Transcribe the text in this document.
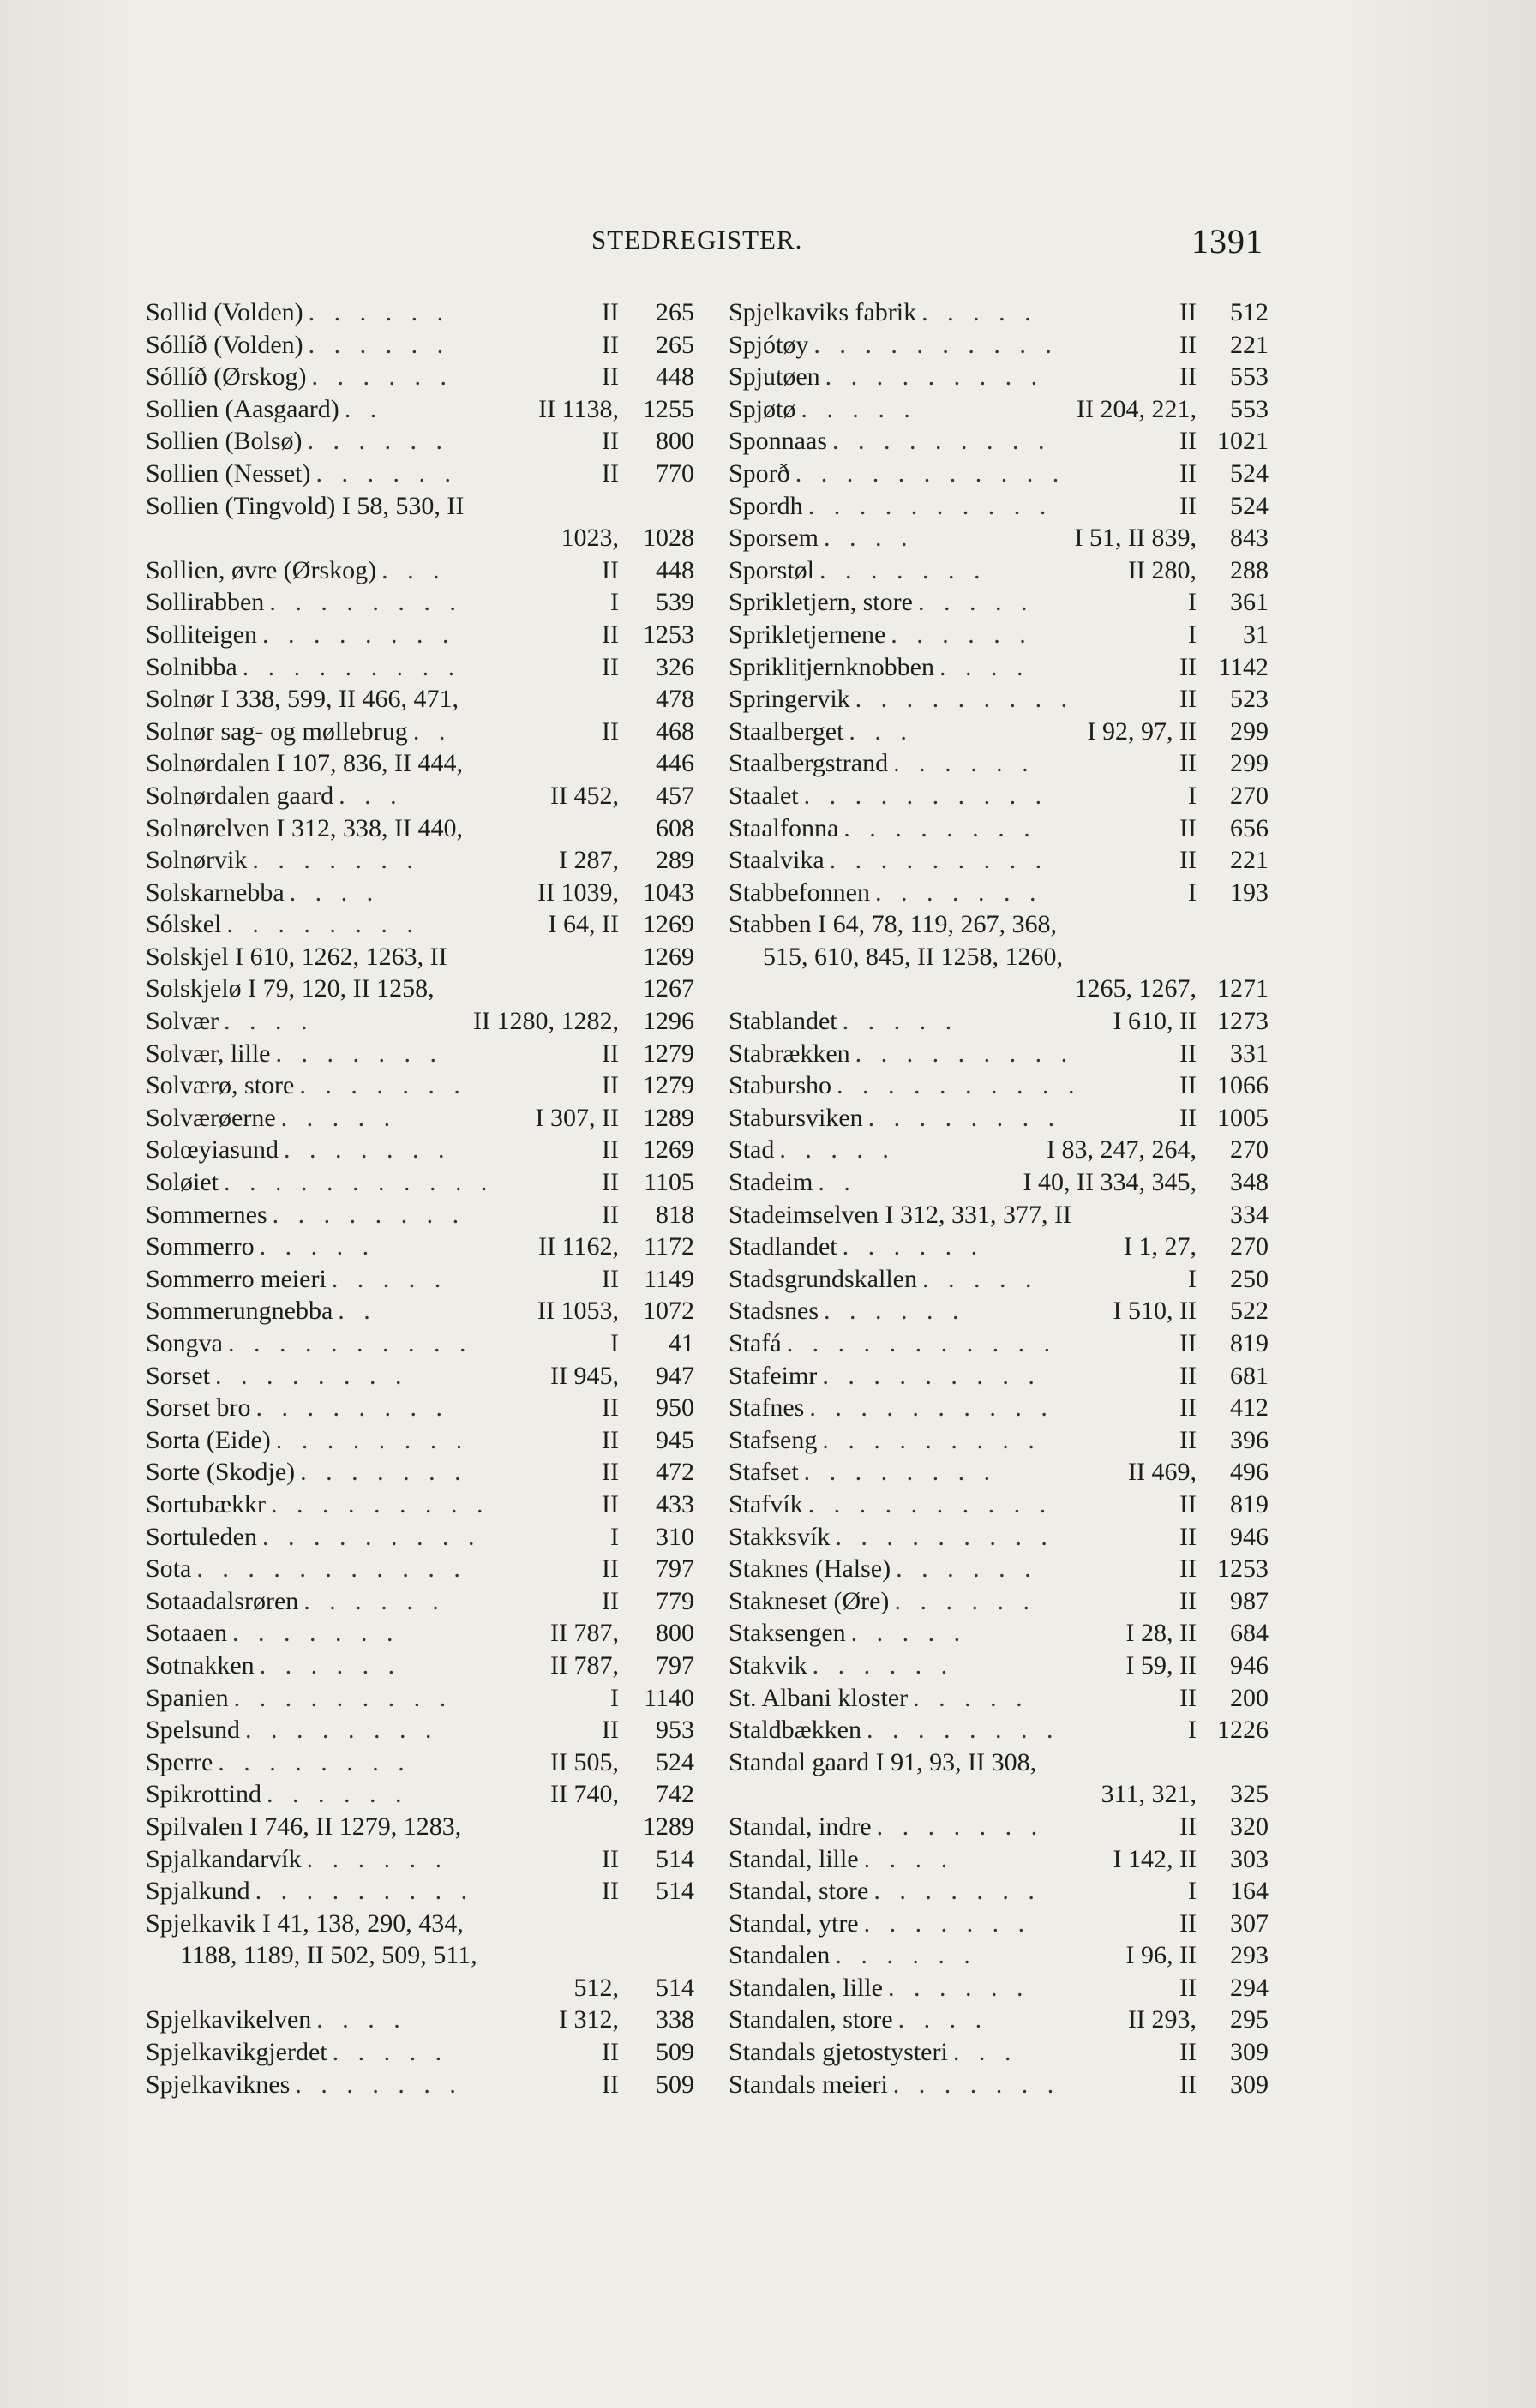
STEDREGISTER.	1391
Sollid (Volden) . . . . . .	II	265
Sóllíð (Volden) . . . . . .	II	265
Sóllíð (Ørskog) . . . . . .	II	448
Sollien (Aasgaard) . .	II 1138, 1255
Sollien (Bolsø) . . . . . .	II	800
Sollien (Nesset) . . . . . .	II	770
Sollien (Tingvold) I 58, 530, II
1023, 1028
Sollien, øvre (Ørskog) . . .	II	448
Sollirabben . . . . . . . .	I	539
Solliteigen . . . . . . . .	II 1253
Solnibba . . . . . . . . .	II	326
Solnør I 338, 599, II 466, 471,	478
Solnør sag- og møllebrug . .	II	468
Solnørdalen I 107, 836, II 444,	446
Solnørdalen gaard . . .	II 452,	457
Solnørelven I 312, 338, II 440,	608
Solnørvik . . . . . . .	I 287,	289
Solskarnebba . . . .	II 1039, 1043
Sólskel . . . . . . . .	I 64, II 1269
Solskjel I 610, 1262, 1263, II	1269
Solskjelø I 79, 120, II 1258,	1267
Solvær . . . .	II 1280, 1282, 1296
Solvær, lille . . . . . . .	II 1279
Solværø, store . . . . . . .	II 1279
Solværøerne . . . . .	I 307, II 1289
Solœyiasund . . . . . . .	II 1269
Soløiet . . . . . . . . . . .	II 1105
Sommernes . . . . . . . .	II	818
Sommerro . . . . .	II 1162, 1172
Sommerro meieri . . . . .	II 1149
Sommerungnebba . .	II 1053, 1072
Songva . . . . . . . . . .	I	41
Sorset . . . . . . . .	II 945,	947
Sorset bro . . . . . . . .	II	950
Sorta (Eide) . . . . . . . .	II	945
Sorte (Skodje) . . . . . . .	II	472
Sortubækkr . . . . . . . . .	II	433
Sortuleden . . . . . . . . .	I	310
Sota . . . . . . . . . . .	II	797
Sotaadalsrøren . . . . . .	II	779
Sotaaen . . . . . . .	II 787,	800
Sotnakken . . . . . .	II 787,	797
Spanien . . . . . . . . .	I 1140
Spelsund . . . . . . . .	II	953
Sperre . . . . . . . .	II 505,	524
Spikrottind . . . . . .	II 740,	742
Spilvalen I 746, II 1279, 1283,	1289
Spjalkandarvík . . . . . .	II	514
Spjalkund . . . . . . . . .	II	514
Spjelkavik I 41, 138, 290, 434,
1188, 1189, II 502, 509, 511,
512,	514
Spjelkavikelven . . . .	I 312,	338
Spjelkavikgjerdet . . . . .	II	509
Spjelkaviknes . . . . . . .	II	509
Spjelkaviks fabrik . . . . .	II	512
Spjótøy . . . . . . . . . .	II	221
Spjutøen . . . . . . . . .	II	553
Spjøtø . . . . .	II 204, 221,	553
Sponnaas . . . . . . . . .	II 1021
Sporð . . . . . . . . . . .	II	524
Spordh . . . . . . . . . .	II	524
Sporsem . . . .	I 51, II 839,	843
Sporstøl . . . . . . .	II 280,	288
Sprikletjern, store . . . . .	I	361
Sprikletjernene . . . . . .	I	31
Spriklitjernknobben . . . .	II 1142
Springervik . . . . . . . . .	II	523
Staalberget . . .	I 92, 97, II	299
Staalbergstrand . . . . . .	II	299
Staalet . . . . . . . . . .	I	270
Staalfonna . . . . . . . .	II	656
Staalvika . . . . . . . . .	II	221
Stabbefonnen . . . . . . .	I	193
Stabben I 64, 78, 119, 267, 368,
515, 610, 845, II 1258, 1260,
1265, 1267, 1271
Stablandet . . . . .	I 610, II 1273
Stabrækken . . . . . . . . .	II	331
Stabursho . . . . . . . . . .	II 1066
Stabursviken . . . . . . . .	II 1005
Stad . . . . .	I 83, 247, 264,	270
Stadeim . .	I 40, II 334, 345,	348
Stadeimselven I 312, 331, 377, II	334
Stadlandet . . . . . .	I 1, 27,	270
Stadsgrundskallen . . . . .	I	250
Stadsnes . . . . . .	I 510, II	522
Stafá . . . . . . . . . . .	II	819
Stafeimr . . . . . . . . .	II	681
Stafnes . . . . . . . . . .	II	412
Stafseng . . . . . . . . .	II	396
Stafset . . . . . . . .	II 469,	496
Stafvík . . . . . . . . . .	II	819
Stakksvík . . . . . . . . .	II	946
Staknes (Halse) . . . . . .	II 1253
Stakneset (Øre) . . . . . .	II	987
Staksengen . . . . .	I 28, II	684
Stakvik . . . . . .	I 59, II	946
St. Albani kloster . . . . .	II	200
Staldbækken . . . . . . . .	I 1226
Standal gaard I 91, 93, II 308,
311, 321,	325
Standal, indre . . . . . . .	II	320
Standal, lille . . . .	I 142, II	303
Standal, store . . . . . . .	I	164
Standal, ytre . . . . . . .	II	307
Standalen . . . . . .	I 96, II	293
Standalen, lille . . . . . .	II	294
Standalen, store . . . .	II 293,	295
Standals gjetostysteri . . .	II	309
Standals meieri . . . . . . .	II	309
